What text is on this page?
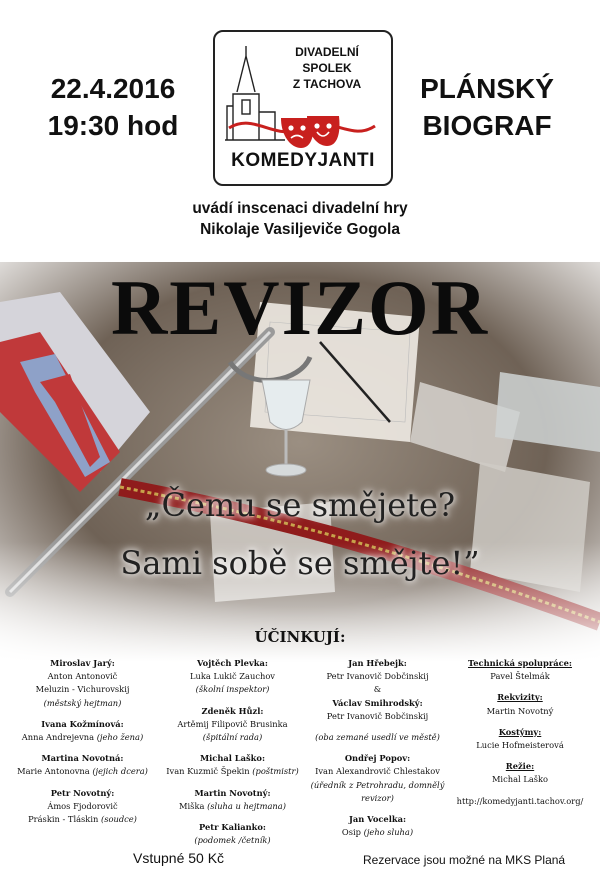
22.4.2016
19:30 hod
DIVADELNÍ SPOLEK
Z TACHOVA
KOMEDYJANTI
PLÁNSKÝ
BIOGRAF
uvádí inscenaci divadelní hry
Nikolaje Vasiljeviče Gogola
REVIZOR
„Čemu se smějete?
Sami sobě se smějte!”
ÚČINKUJÍ:
Miroslav Jarý:
Anton Antonovič
Meluzin - Vichurovskij
(městský hejtman)
Ivana Kožmínová:
Anna Andrejevna (jeho žena)
Martina Novotná:
Marie Antonovna (jejich dcera)
Petr Novotný:
Ámos Fjodorovič
Práskin - Tláskin (soudce)
Vojtěch Plevka:
Luka Lukič Zauchov
(školní inspektor)
Zdeněk Hůzl:
Artěmij Filipovič Brusinka
(špitální rada)
Michal Laško:
Ivan Kuzmič Špekin (poštmistr)
Martin Novotný:
Miška (sluha u hejtmana)
Petr Kalianko:
(podomek /četník)
Jan Hřebejk:
Petr Ivanovič Dobčinskij
&
Václav Smihrodský:
Petr Ivanovič Bobčinskij
(oba zemané usedlí ve městě)
Ondřej Popov:
Ivan Alexandrovič Chlestakov
(úředník z Petrohradu, domnělý
revizor)
Jan Vocelka:
Osip (jeho sluha)
Technická spolupráce:
Pavel Štelmák
Rekvizity:
Martin Novotný
Kostýmy:
Lucie Hofmeisterová
Režie:
Michal Laško
http://komedyjanti.tachov.org/
Vstupné 50 Kč	Rezervace jsou možné na MKS Planá
